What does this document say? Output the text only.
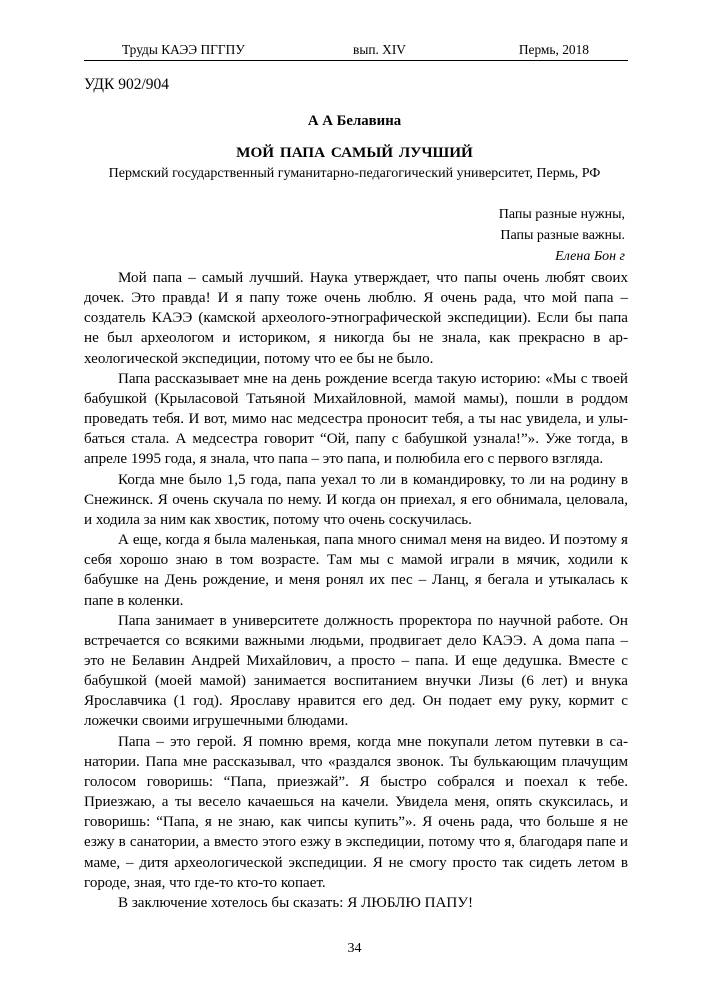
Труды КАЭЭ ПГГПУ	вып. XIV	Пермь, 2018
УДК 902/904
А А Белавина
МОЙ ПАПА САМЫЙ ЛУЧШИЙ
Пермский государственный гуманитарно-педагогический университет, Пермь, РФ
Папы разные нужны,
Папы разные важны.
Елена Бон г

Мой папа – самый лучший. Наука утверждает, что папы очень любят своих дочек. Это правда! И я папу тоже очень люблю. Я очень рада, что мой папа – создатель КАЭЭ (камской археолого-этнографической экспедиции). Если бы папа не был археологом и историком, я никогда бы не знала, как прекрасно в археологической экспедиции, потому что ее бы не было.

Папа рассказывает мне на день рождение всегда такую историю: «Мы с твоей бабушкой (Крыласовой Татьяной Михайловной, мамой мамы), пошли в роддом проведать тебя. И вот, мимо нас медсестра проносит тебя, а ты нас увидела, и улыбаться стала. А медсестра говорит “Ой, папу с бабушкой узнала!”». Уже тогда, в апреле 1995 года, я знала, что папа – это папа, и полюбила его с первого взгляда.

Когда мне было 1,5 года, папа уехал то ли в командировку, то ли на родину в Снежинск. Я очень скучала по нему. И когда он приехал, я его обнимала, целовала, и ходила за ним как хвостик, потому что очень соскучилась.

А еще, когда я была маленькая, папа много снимал меня на видео. И поэтому я себя хорошо знаю в том возрасте. Там мы с мамой играли в мячик, ходили к бабушке на День рождение, и меня ронял их пес – Ланц, я бегала и утыкалась к папе в коленки.

Папа занимает в университете должность проректора по научной работе. Он встречается со всякими важными людьми, продвигает дело КАЭЭ. А дома папа – это не Белавин Андрей Михайлович, а просто – папа. И еще дедушка. Вместе с бабушкой (моей мамой) занимается воспитанием внучки Лизы (6 лет) и внука Ярославчика (1 год). Ярославу нравится его дед. Он подает ему руку, кормит с ложечки своими игрушечными блюдами.

Папа – это герой. Я помню время, когда мне покупали летом путевки в санатории. Папа мне рассказывал, что «раздался звонок. Ты булькающим плачущим голосом говоришь: “Папа, приезжай”. Я быстро собрался и поехал к тебе. Приезжаю, а ты весело качаешься на качели. Увидела меня, опять скуксилась, и говоришь: “Папа, я не знаю, как чипсы купить”». Я очень рада, что больше я не езжу в санатории, а вместо этого езжу в экспедиции, потому что я, благодаря папе и маме, – дитя археологической экспедиции. Я не смогу просто так сидеть летом в городе, зная, что где-то кто-то копает.

В заключение хотелось бы сказать: Я ЛЮБЛЮ ПАПУ!

34
